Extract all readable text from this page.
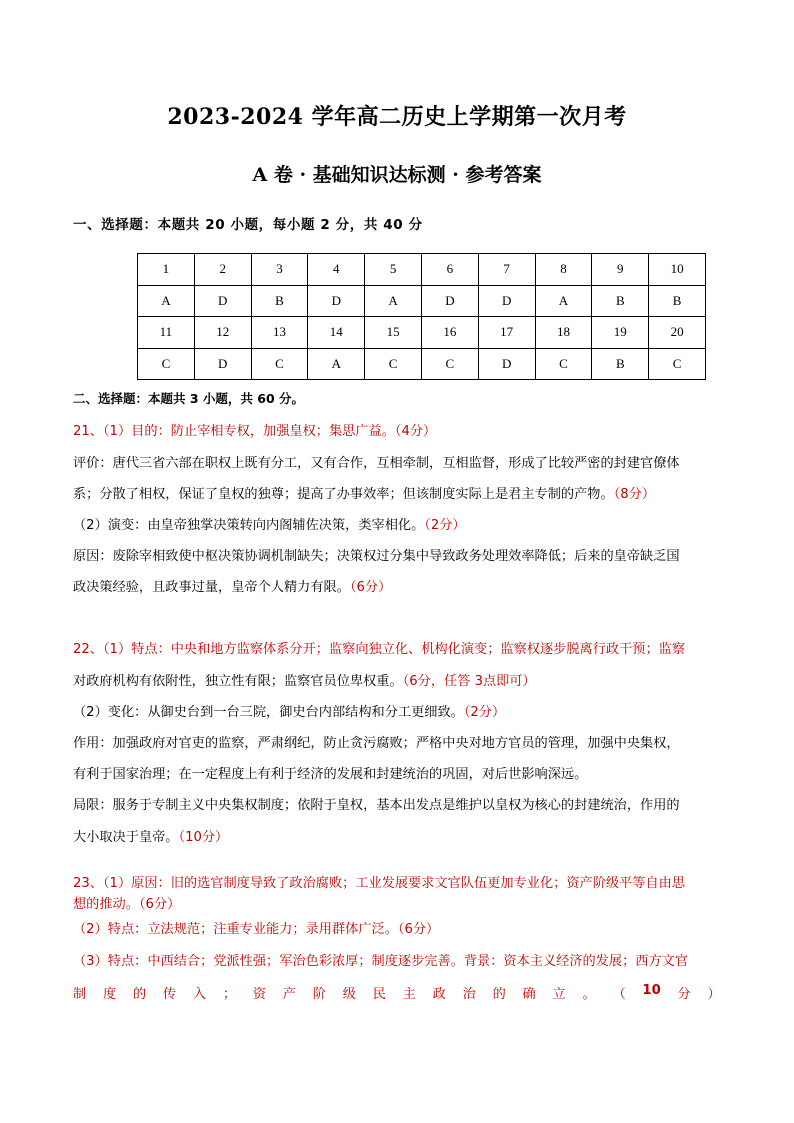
2023-2024 学年高二历史上学期第一次月考
A 卷 · 基础知识达标测 · 参考答案
一、选择题：本题共 20 小题，每小题 2 分，共 40 分
1	2	3	4	5	6	7	8	9	10
A	D	B	D	A	D	D	A	B	B
11	12	13	14	15	16	17	18	19	20
C	D	C	A	C	C	D	C	B	C
二、选择题：本题共 3 小题，共 60 分。
21、（1）目的：防止宰相专权，加强皇权；集思广益。（4分）
评价：唐代三省六部在职权上既有分工，又有合作，互相牵制，互相监督，形成了比较严密的封建官僚体
系；分散了相权，保证了皇权的独尊；提高了办事效率；但该制度实际上是君主专制的产物。（8分）
（2）演变：由皇帝独掌决策转向内阁辅佐决策，类宰相化。（2分）
原因：废除宰相致使中枢决策协调机制缺失；决策权过分集中导致政务处理效率降低；后来的皇帝缺乏国
政决策经验，且政事过量，皇帝个人精力有限。（6分）
22、（1）特点：中央和地方监察体系分开；监察向独立化、机构化演变；监察权逐步脱离行政干预；监察
对政府机构有依附性，独立性有限；监察官员位卑权重。（6分，任答 3点即可）
（2）变化：从御史台到一台三院，御史台内部结构和分工更细致。（2分）
作用：加强政府对官吏的监察，严肃纲纪，防止贪污腐败；严格中央对地方官员的管理，加强中央集权，
有利于国家治理；在一定程度上有利于经济的发展和封建统治的巩固，对后世影响深远。
局限：服务于专制主义中央集权制度；依附于皇权，基本出发点是维护以皇权为核心的封建统治，作用的
大小取决于皇帝。（10分）
23、（1）原因：旧的选官制度导致了政治腐败；工业发展要求文官队伍更加专业化；资产阶级平等自由思
想的推动。（6分）
（2）特点：立法规范；注重专业能力；录用群体广泛。（6分）
（3）特点：中西结合；党派性强；军治色彩浓厚；制度逐步完善。背景：资本主义经济的发展；西方文官
制 度 的 传 入 ； 资 产 阶 级 民 主 政 治 的 确 立 。 （ 10 分 ）
